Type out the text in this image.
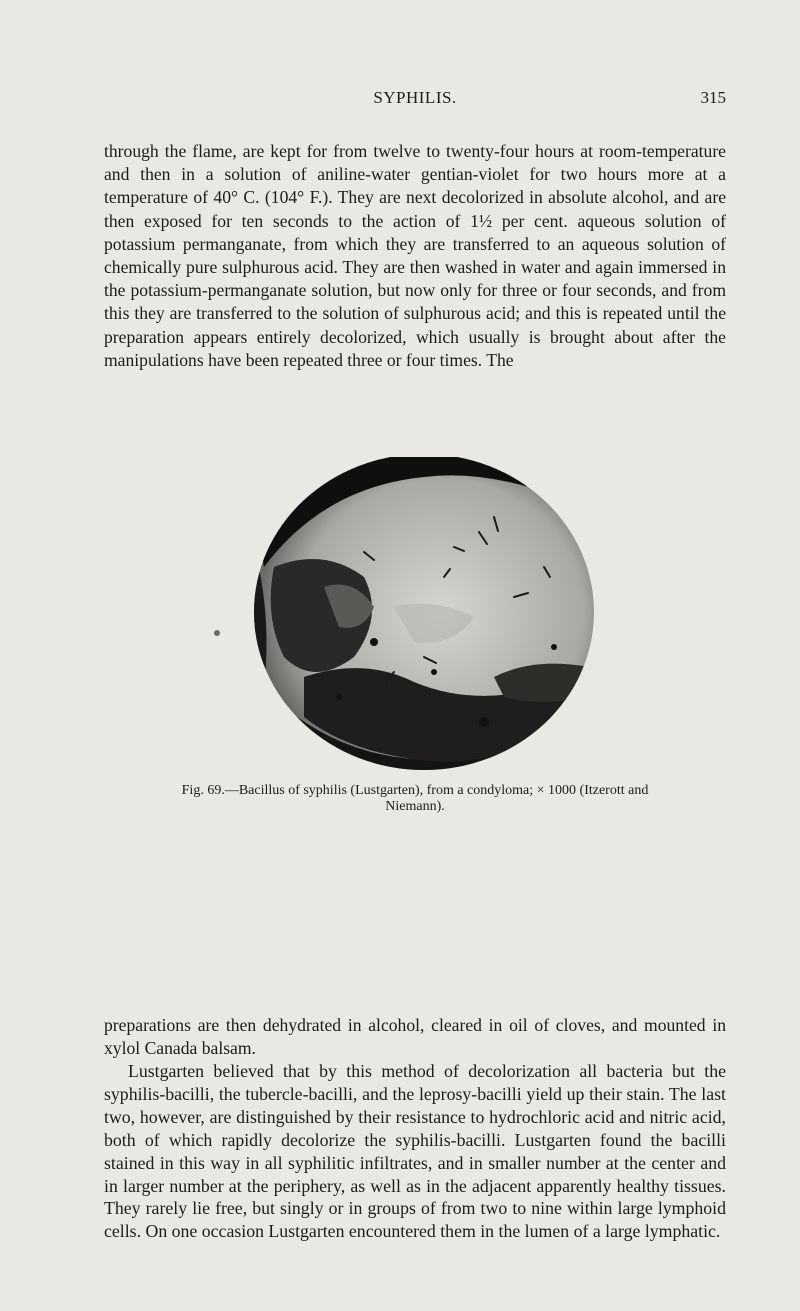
SYPHILIS.	315

through the flame, are kept for from twelve to twenty-four hours at room-temperature and then in a solution of aniline-water gentian-violet for two hours more at a temperature of 40° C. (104° F.). They are next decolorized in absolute alcohol, and are then exposed for ten seconds to the action of 1½ per cent. aqueous solution of potassium permanganate, from which they are transferred to an aqueous solution of chemically pure sulphurous acid. They are then washed in water and again immersed in the potassium-permanganate solution, but now only for three or four seconds, and from this they are transferred to the solution of sulphurous acid; and this is repeated until the preparation appears entirely decolorized, which usually is brought about after the manipulations have been repeated three or four times. The

Fig. 69.—Bacillus of syphilis (Lustgarten), from a condyloma; × 1000 (Itzerott and
Niemann).

preparations are then dehydrated in alcohol, cleared in oil of cloves, and mounted in xylol Canada balsam.

Lustgarten believed that by this method of decolorization all bacteria but the syphilis-bacilli, the tubercle-bacilli, and the leprosy-bacilli yield up their stain. The last two, however, are distinguished by their resistance to hydrochloric acid and nitric acid, both of which rapidly decolorize the syphilis-bacilli. Lustgarten found the bacilli stained in this way in all syphilitic infiltrates, and in smaller number at the center and in larger number at the periphery, as well as in the adjacent apparently healthy tissues. They rarely lie free, but singly or in groups of from two to nine within large lymphoid cells. On one occasion Lustgarten encountered them in the lumen of a large lymphatic.
